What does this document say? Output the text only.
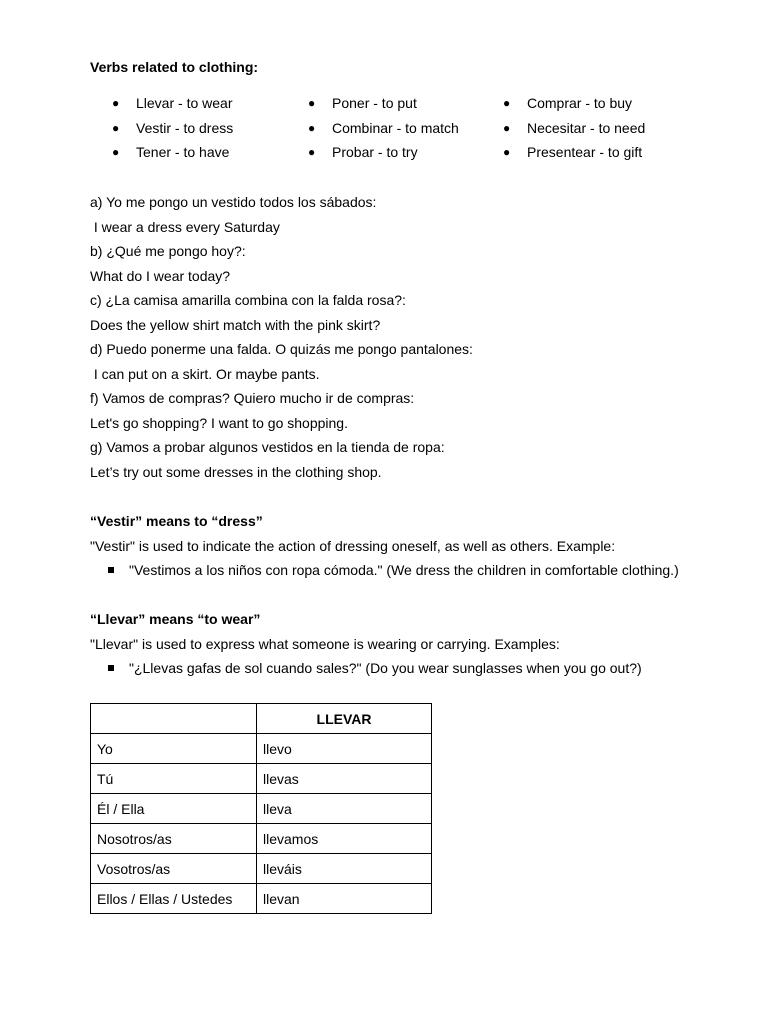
Verbs related to clothing:
● Llevar - to wear
● Vestir - to dress
● Tener - to have
● Poner - to put
● Combinar - to match
● Probar - to try
● Comprar - to buy
● Necesitar - to need
● Presentear - to gift
a) Yo me pongo un vestido todos los sábados:
I wear a dress every Saturday
b) ¿Qué me pongo hoy?:
What do I wear today?
c) ¿La camisa amarilla combina con la falda rosa?:
Does the yellow shirt match with the pink skirt?
d) Puedo ponerme una falda. O quizás me pongo pantalones:
I can put on a skirt. Or maybe pants.
f) Vamos de compras? Quiero mucho ir de compras:
Let's go shopping? I want to go shopping.
g) Vamos a probar algunos vestidos en la tienda de ropa:
Let’s try out some dresses in the clothing shop.
“Vestir” means to “dress”
"Vestir" is used to indicate the action of dressing oneself, as well as others. Example:
"Vestimos a los niños con ropa cómoda." (We dress the children in comfortable clothing.)
“Llevar” means “to wear”
"Llevar" is used to express what someone is wearing or carrying. Examples:
"¿Llevas gafas de sol cuando sales?" (Do you wear sunglasses when you go out?)
	LLEVAR
Yo	llevo
Tú	llevas
Él / Ella	lleva
Nosotros/as	llevamos
Vosotros/as	lleváis
Ellos / Ellas / Ustedes	llevan
